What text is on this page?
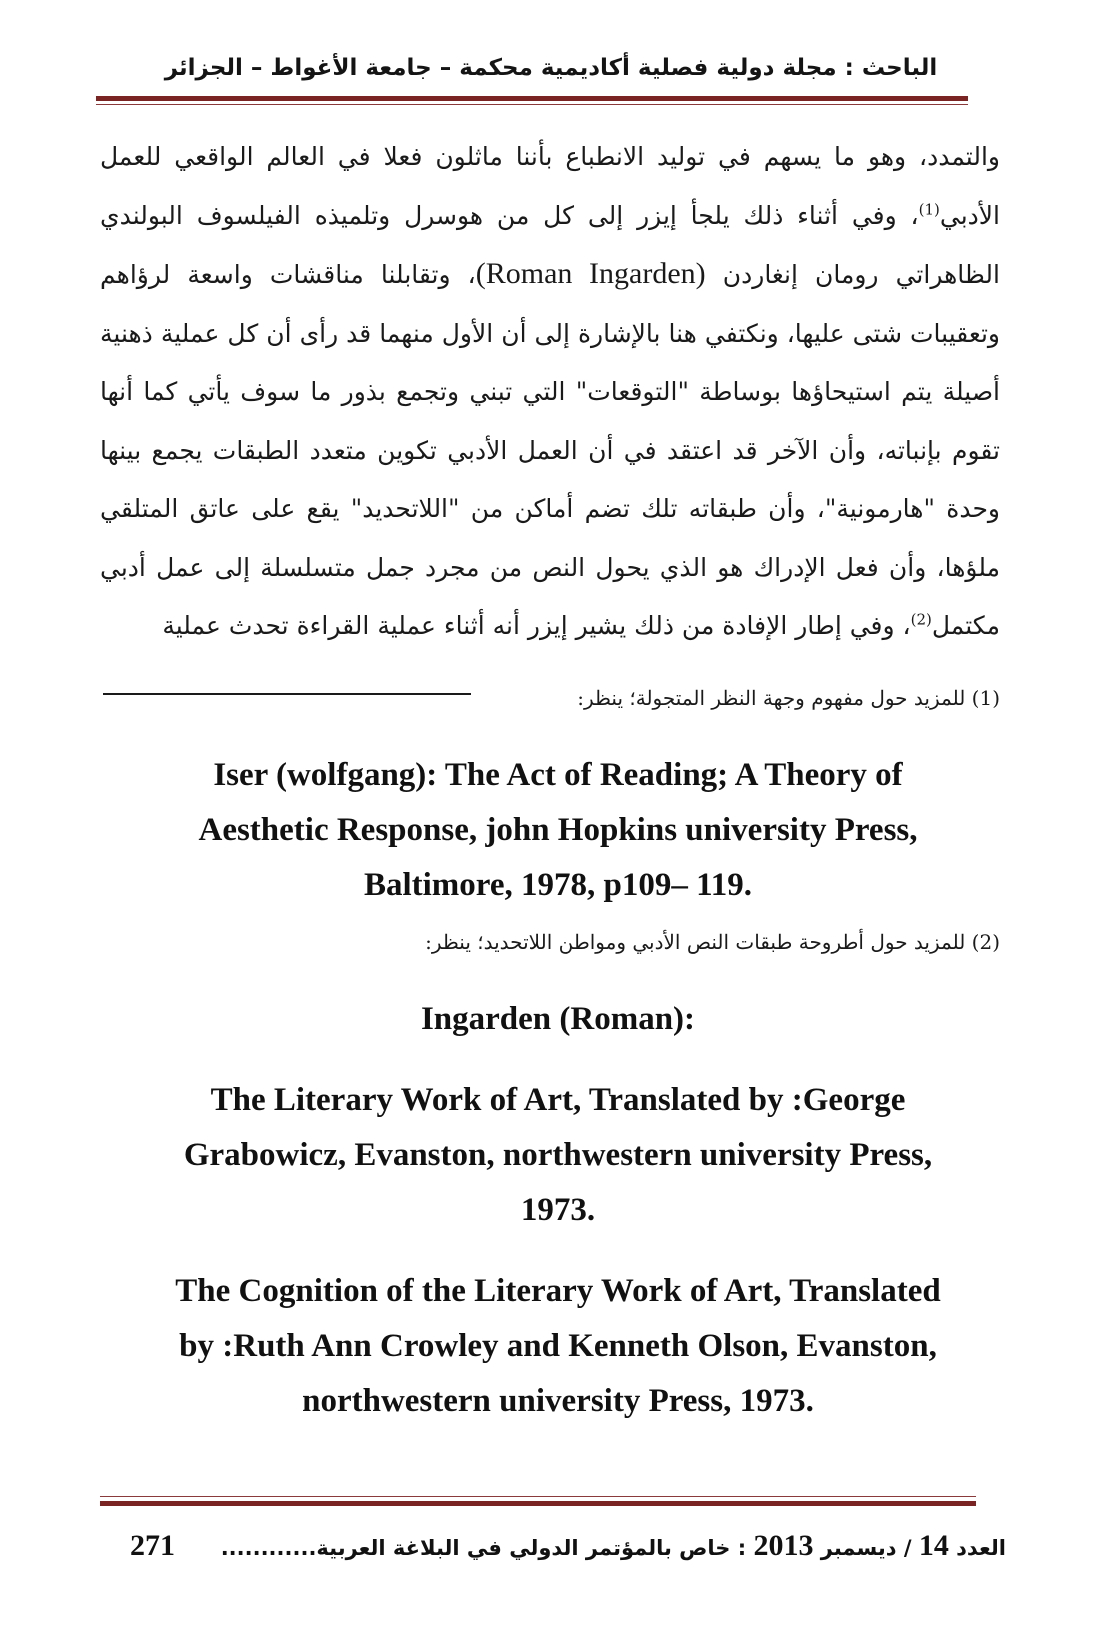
الباحث : مجلة دولية فصلية أكاديمية محكمة – جامعة الأغواط – الجزائر

والتمدد، وهو ما يسهم في توليد الانطباع بأننا ماثلون فعلا في العالم الواقعي للعمل الأدبي$^{(1)}$، وفي أثناء ذلك يلجأ إيزر إلى كل من هوسرل وتلميذه الفيلسوف البولندي الظاهراتي رومان إنغاردن (Roman Ingarden)، وتقابلنا مناقشات واسعة لرؤاهم وتعقيبات شتى عليها، ونكتفي هنا بالإشارة إلى أن الأول منهما قد رأى أن كل عملية ذهنية أصيلة يتم استيحاؤها بوساطة "التوقعات" التي تبني وتجمع بذور ما سوف يأتي كما أنها تقوم بإنباته، وأن الآخر قد اعتقد في أن العمل الأدبي تكوين متعدد الطبقات يجمع بينها وحدة "هارمونية"، وأن طبقاته تلك تضم أماكن من "اللاتحديد" يقع على عاتق المتلقي ملؤها، وأن فعل الإدراك هو الذي يحول النص من مجرد جمل متسلسلة إلى عمل أدبي مكتمل$^{(2)}$، وفي إطار الإفادة من ذلك يشير إيزر أنه أثناء عملية القراءة تحدث عملية

(1) للمزيد حول مفهوم وجهة النظر المتجولة؛ ينظر:
Iser (wolfgang): The Act of Reading; A Theory of
Aesthetic Response, john Hopkins university Press,
Baltimore, 1978, p109– 119.
(2) للمزيد حول أطروحة طبقات النص الأدبي ومواطن اللاتحديد؛ ينظر:
Ingarden (Roman):
The Literary Work of Art, Translated by :George
Grabowicz, Evanston, northwestern university Press,
1973.
The Cognition of the Literary Work of Art, Translated
by :Ruth Ann Crowley and Kenneth Olson, Evanston,
northwestern university Press, 1973.
271	العدد 14 / ديسمبر 2013 : خاص بالمؤتمر الدولي في البلاغة العربية............
